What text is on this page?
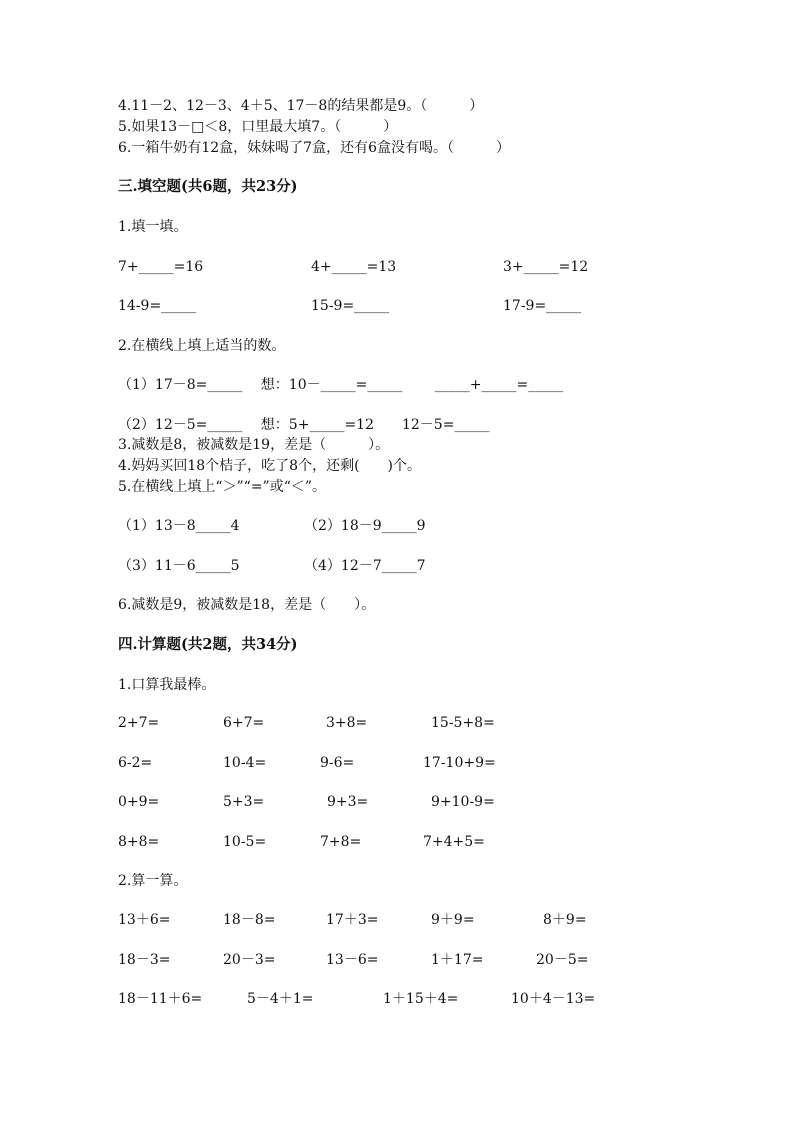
4.11－2、12－3、4＋5、17－8的结果都是9。（　　　）
5.如果13－□＜8，口里最大填7。（　　　）
6.一箱牛奶有12盒，妹妹喝了7盒，还有6盒没有喝。（　　　）
三.填空题(共6题，共23分)
1.填一填。
7+_____=16	4+_____=13	3+_____=12
14-9=_____	15-9=_____	17-9=_____
2.在横线上填上适当的数。
（1）17－8=_____　 想：10－_____=_____　　 _____+_____=_____
（2）12－5=_____　 想：5+_____=12　　12－5=_____
3.减数是8，被减数是19，差是（　　　）。
4.妈妈买回18个桔子，吃了8个，还剩(　　)个。
5.在横线上填上“＞”“=”或“＜”。
（1）13－8_____4	（2）18－9_____9
（3）11－6_____5	（4）12－7_____7
6.减数是9，被减数是18，差是（　　）。
四.计算题(共2题，共34分)
1.口算我最棒。
2+7=	6+7=	3+8=	15-5+8=
6-2=	10-4=	9-6=	17-10+9=
0+9=	5+3=	9+3=	9+10-9=
8+8=	10-5=	7+8=	7+4+5=
2.算一算。
13＋6=	18－8=	17＋3=	9＋9=	8＋9=
18－3=	20－3=	13－6=	1＋17=	20－5=
18－11＋6=	5－4＋1=	1＋15＋4=	10＋4－13=
